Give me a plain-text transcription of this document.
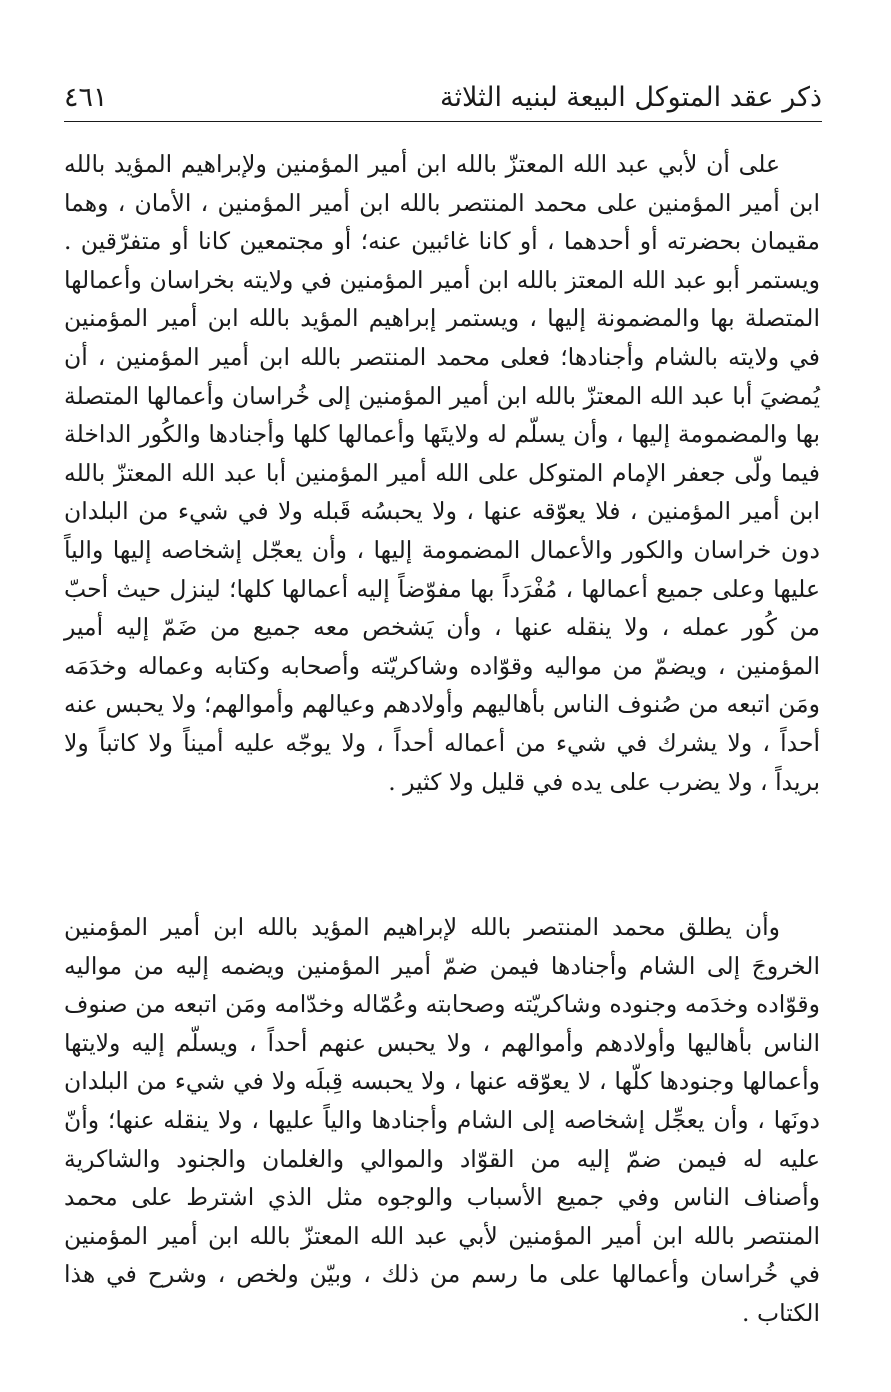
ذكر عقد المتوكل البيعة لبنيه الثلاثة
٤٦١

على أن لأبي عبد الله المعتزّ بالله ابن أمير المؤمنين ولإبراهيم المؤيد بالله ابن أمير المؤمنين على محمد المنتصر بالله ابن أمير المؤمنين ، الأمان ، وهما مقيمان بحضرته أو أحدهما ، أو كانا غائبين عنه؛ أو مجتمعين كانا أو متفرّقين . ويستمر أبو عبد الله المعتز بالله ابن أمير المؤمنين في ولايته بخراسان وأعمالها المتصلة بها والمضمونة إليها ، ويستمر إبراهيم المؤيد بالله ابن أمير المؤمنين في ولايته بالشام وأجنادها؛ فعلى محمد المنتصر بالله ابن أمير المؤمنين ، أن يُمضيَ أبا عبد الله المعتزّ بالله ابن أمير المؤمنين إلى خُراسان وأعمالها المتصلة بها والمضمومة إليها ، وأن يسلّم له ولايتَها وأعمالها كلها وأجنادها والكُور الداخلة فيما ولّى جعفر الإمام المتوكل على الله أمير المؤمنين أبا عبد الله المعتزّ بالله ابن أمير المؤمنين ، فلا يعوّقه عنها ، ولا يحبسُه قَبله ولا في شيء من البلدان دون خراسان والكور والأعمال المضمومة إليها ، وأن يعجّل إشخاصه إليها والياً عليها وعلى جميع أعمالها ، مُفْرَداً بها مفوّضاً إليه أعمالها كلها؛ لينزل حيث أحبّ من كُور عمله ، ولا ينقله عنها ، وأن يَشخص معه جميع من ضَمّ إليه أمير المؤمنين ، ويضمّ من مواليه وقوّاده وشاكريّته وأصحابه وكتابه وعماله وخدَمَه ومَن اتبعه من صُنوف الناس بأهاليهم وأولادهم وعيالهم وأموالهم؛ ولا يحبس عنه أحداً ، ولا يشرك في شيء من أعماله أحداً ، ولا يوجّه عليه أميناً ولا كاتباً ولا بريداً ، ولا يضرب على يده في قليل ولا كثير .

وأن يطلق محمد المنتصر بالله لإبراهيم المؤيد بالله ابن أمير المؤمنين الخروجَ إلى الشام وأجنادها فيمن ضمّ أمير المؤمنين ويضمه إليه من مواليه وقوّاده وخدَمه وجنوده وشاكريّته وصحابته وعُمّاله وخدّامه ومَن اتبعه من صنوف الناس بأهاليها وأولادهم وأموالهم ، ولا يحبس عنهم أحداً ، ويسلّم إليه ولايتها وأعمالها وجنودها كلّها ، لا يعوّقه عنها ، ولا يحبسه قِبلَه ولا في شيء من البلدان دونَها ، وأن يعجِّل إشخاصه إلى الشام وأجنادها والياً عليها ، ولا ينقله عنها؛ وأنّ عليه له فيمن ضمّ إليه من القوّاد والموالي والغلمان والجنود والشاكرية وأصناف الناس وفي جميع الأسباب والوجوه مثل الذي اشترط على محمد المنتصر بالله ابن أمير المؤمنين لأبي عبد الله المعتزّ بالله ابن أمير المؤمنين في خُراسان وأعمالها على ما رسم من ذلك ، وبيّن ولخص ، وشرح في هذا الكتاب .
